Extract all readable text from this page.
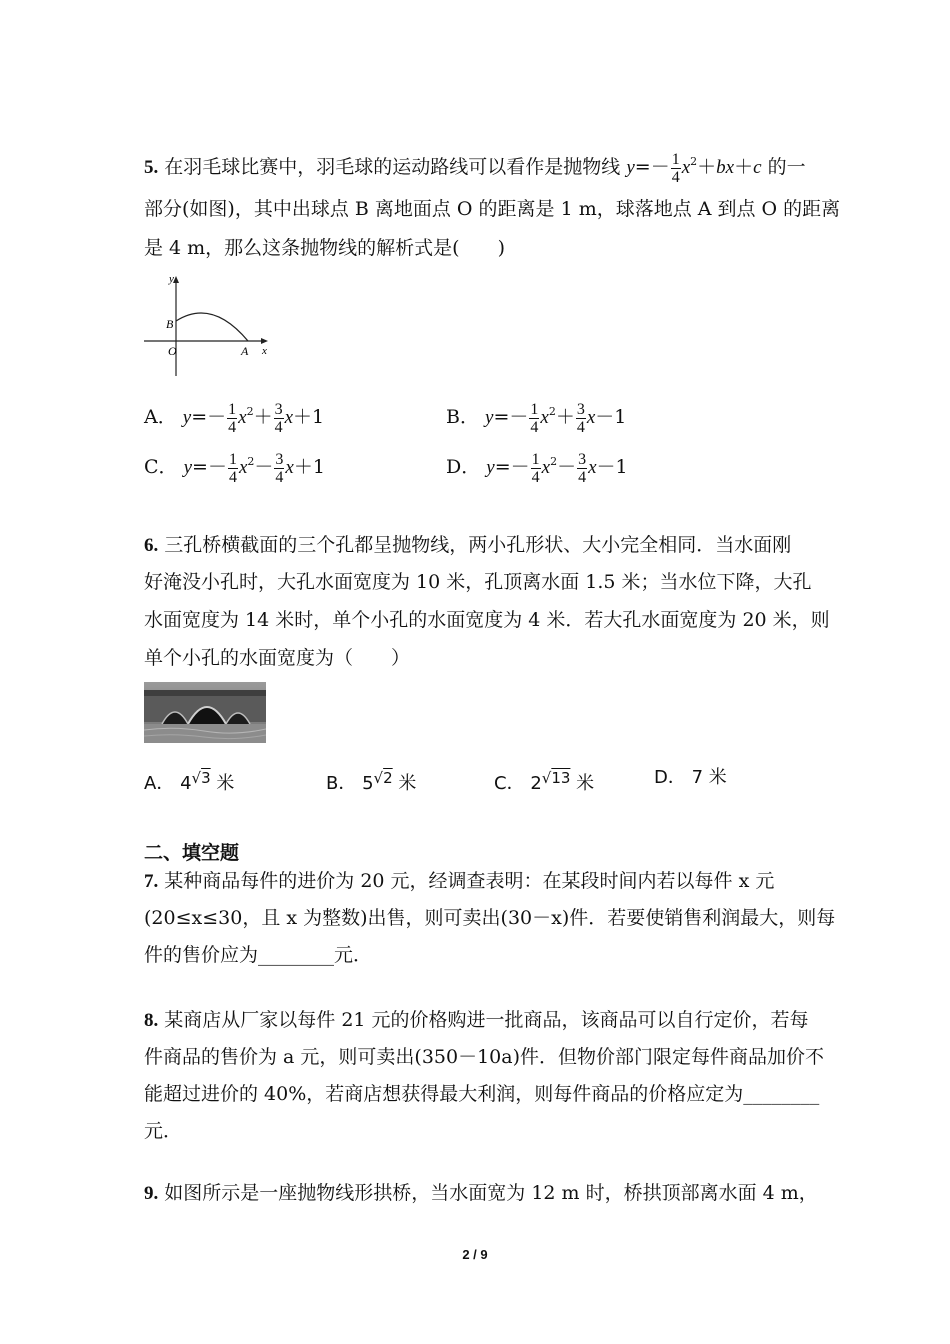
5. 在羽毛球比赛中，羽毛球的运动路线可以看作是抛物线 $y=- \frac{1}{4} x^2+bx+c$ 的一
部分(如图)，其中出球点 B 离地面点 O 的距离是 1 m，球落地点 A 到点 O 的距离
是 4 m，那么这条抛物线的解析式是(　　)
y
x
B
O	A
A． $y=- \frac{1}{4} x^2+ \frac{3}{4} x+1$	B． $y=- \frac{1}{4} x^2+ \frac{3}{4} x-1$
C． $y=- \frac{1}{4} x^2- \frac{3}{4} x+1$	D． $y=- \frac{1}{4} x^2- \frac{3}{4} x-1$
6. 三孔桥横截面的三个孔都呈抛物线，两小孔形状、大小完全相同．当水面刚
好淹没小孔时，大孔水面宽度为 10 米，孔顶离水面 1.5 米；当水位下降，大孔
水面宽度为 14 米时，单个小孔的水面宽度为 4 米．若大孔水面宽度为 20 米，则
单个小孔的水面宽度为（　　）
A． 4√3 米	B． 5√2 米	C． 2√13 米	D． 7 米
二、填空题
7. 某种商品每件的进价为 20 元，经调查表明：在某段时间内若以每件 x 元
(20≤x≤30，且 x 为整数)出售，则可卖出(30－x)件．若要使销售利润最大，则每
件的售价应为________元．
8. 某商店从厂家以每件 21 元的价格购进一批商品，该商品可以自行定价，若每
件商品的售价为 a 元，则可卖出(350－10a)件．但物价部门限定每件商品加价不
能超过进价的 40%，若商店想获得最大利润，则每件商品的价格应定为________
元．
9. 如图所示是一座抛物线形拱桥，当水面宽为 12 m 时，桥拱顶部离水面 4 m，
2 / 9
